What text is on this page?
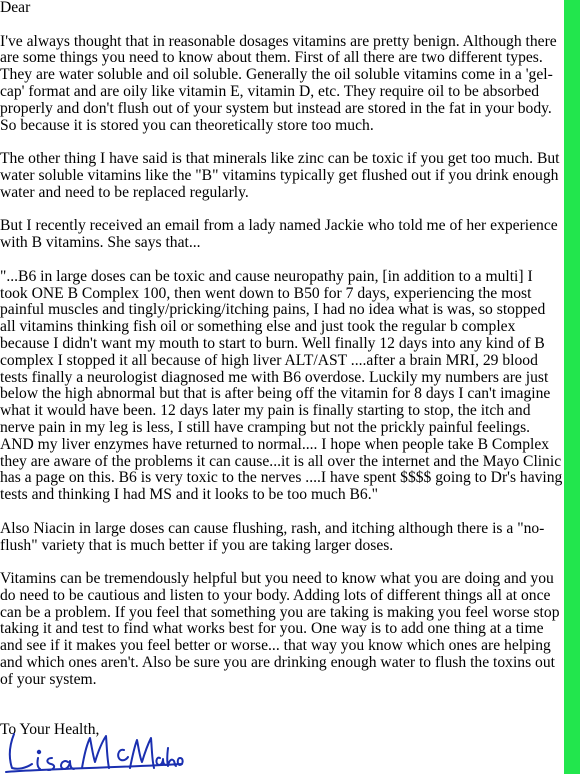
Dear

I've always thought that in reasonable dosages vitamins are pretty benign. Although there are some things you need to know about them. First of all there are two different types. They are water soluble and oil soluble. Generally the oil soluble vitamins come in a 'gel-cap' format and are oily like vitamin E, vitamin D, etc. They require oil to be absorbed properly and don't flush out of your system but instead are stored in the fat in your body. So because it is stored you can theoretically store too much.

The other thing I have said is that minerals like zinc can be toxic if you get too much. But water soluble vitamins like the "B" vitamins typically get flushed out if you drink enough water and need to be replaced regularly.

But I recently received an email from a lady named Jackie who told me of her experience with B vitamins. She says that...

"...B6 in large doses can be toxic and cause neuropathy pain, [in addition to a multi] I took ONE B Complex 100, then went down to B50 for 7 days, experiencing the most painful muscles and tingly/pricking/itching pains, I had no idea what is was, so stopped all vitamins thinking fish oil or something else and just took the regular b complex because I didn't want my mouth to start to burn. Well finally 12 days into any kind of B complex I stopped it all because of high liver ALT/AST ....after a brain MRI, 29 blood tests finally a neurologist diagnosed me with B6 overdose. Luckily my numbers are just below the high abnormal but that is after being off the vitamin for 8 days I can't imagine what it would have been. 12 days later my pain is finally starting to stop, the itch and nerve pain in my leg is less, I still have cramping but not the prickly painful feelings. AND my liver enzymes have returned to normal.... I hope when people take B Complex they are aware of the problems it can cause...it is all over the internet and the Mayo Clinic has a page on this. B6 is very toxic to the nerves ....I have spent $$$$ going to Dr's having tests and thinking I had MS and it looks to be too much B6."

Also Niacin in large doses can cause flushing, rash, and itching although there is a "no-flush" variety that is much better if you are taking larger doses.

Vitamins can be tremendously helpful but you need to know what you are doing and you do need to be cautious and listen to your body. Adding lots of different things all at once can be a problem. If you feel that something you are taking is making you feel worse stop taking it and test to find what works best for you. One way is to add one thing at a time and see if it makes you feel better or worse... that way you know which ones are helping and which ones aren't. Also be sure you are drinking enough water to flush the toxins out of your system.

To Your Health,
